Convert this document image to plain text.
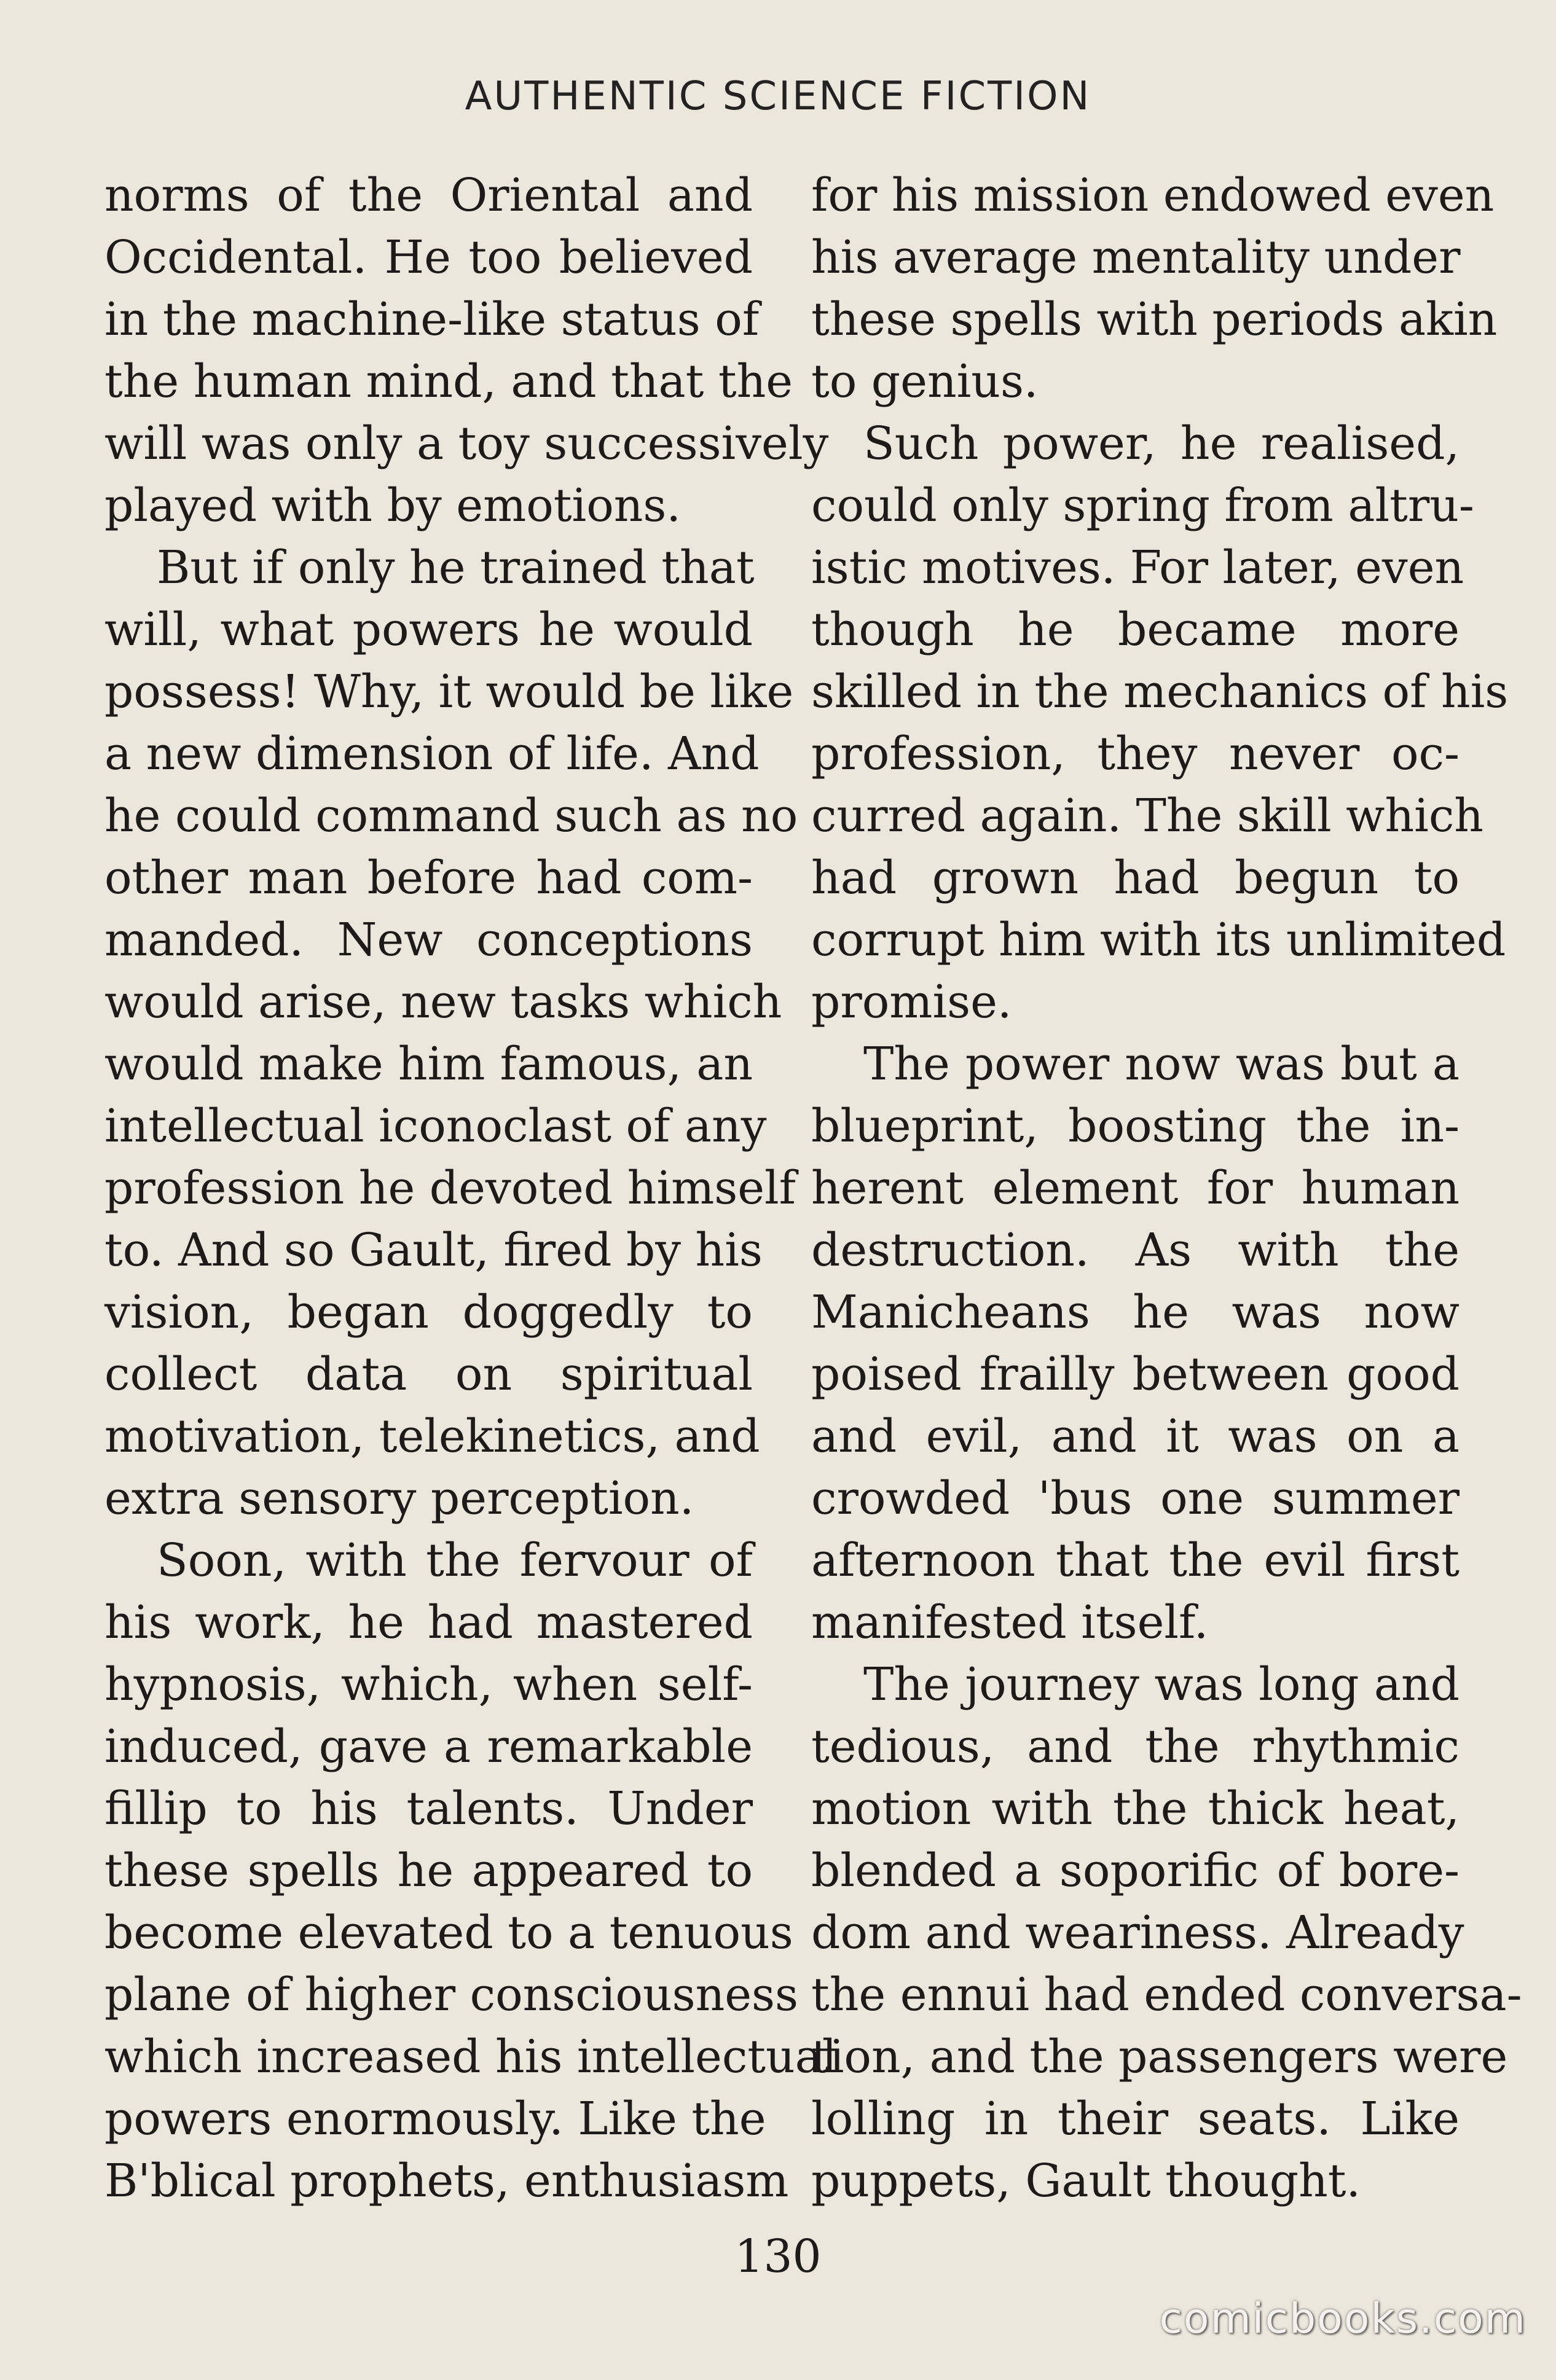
AUTHENTIC SCIENCE FICTION
norms of the Oriental and
Occidental. He too believed
in the machine-like status of
the human mind, and that the
will was only a toy successively
played with by emotions.
But if only he trained that
will, what powers he would
possess! Why, it would be like
a new dimension of life. And
he could command such as no
other man before had com-
manded. New conceptions
would arise, new tasks which
would make him famous, an
intellectual iconoclast of any
profession he devoted himself
to. And so Gault, fired by his
vision, began doggedly to
collect data on spiritual
motivation, telekinetics, and
extra sensory perception.
Soon, with the fervour of
his work, he had mastered
hypnosis, which, when self-
induced, gave a remarkable
fillip to his talents. Under
these spells he appeared to
become elevated to a tenuous
plane of higher consciousness
which increased his intellectual
powers enormously. Like the
B'blical prophets, enthusiasm
for his mission endowed even
his average mentality under
these spells with periods akin
to genius.
Such power, he realised,
could only spring from altru-
istic motives. For later, even
though he became more
skilled in the mechanics of his
profession, they never oc-
curred again. The skill which
had grown had begun to
corrupt him with its unlimited
promise.
The power now was but a
blueprint, boosting the in-
herent element for human
destruction. As with the
Manicheans he was now
poised frailly between good
and evil, and it was on a
crowded 'bus one summer
afternoon that the evil first
manifested itself.
The journey was long and
tedious, and the rhythmic
motion with the thick heat,
blended a soporific of bore-
dom and weariness. Already
the ennui had ended conversa-
tion, and the passengers were
lolling in their seats. Like
puppets, Gault thought.
130
comicbooks.com
